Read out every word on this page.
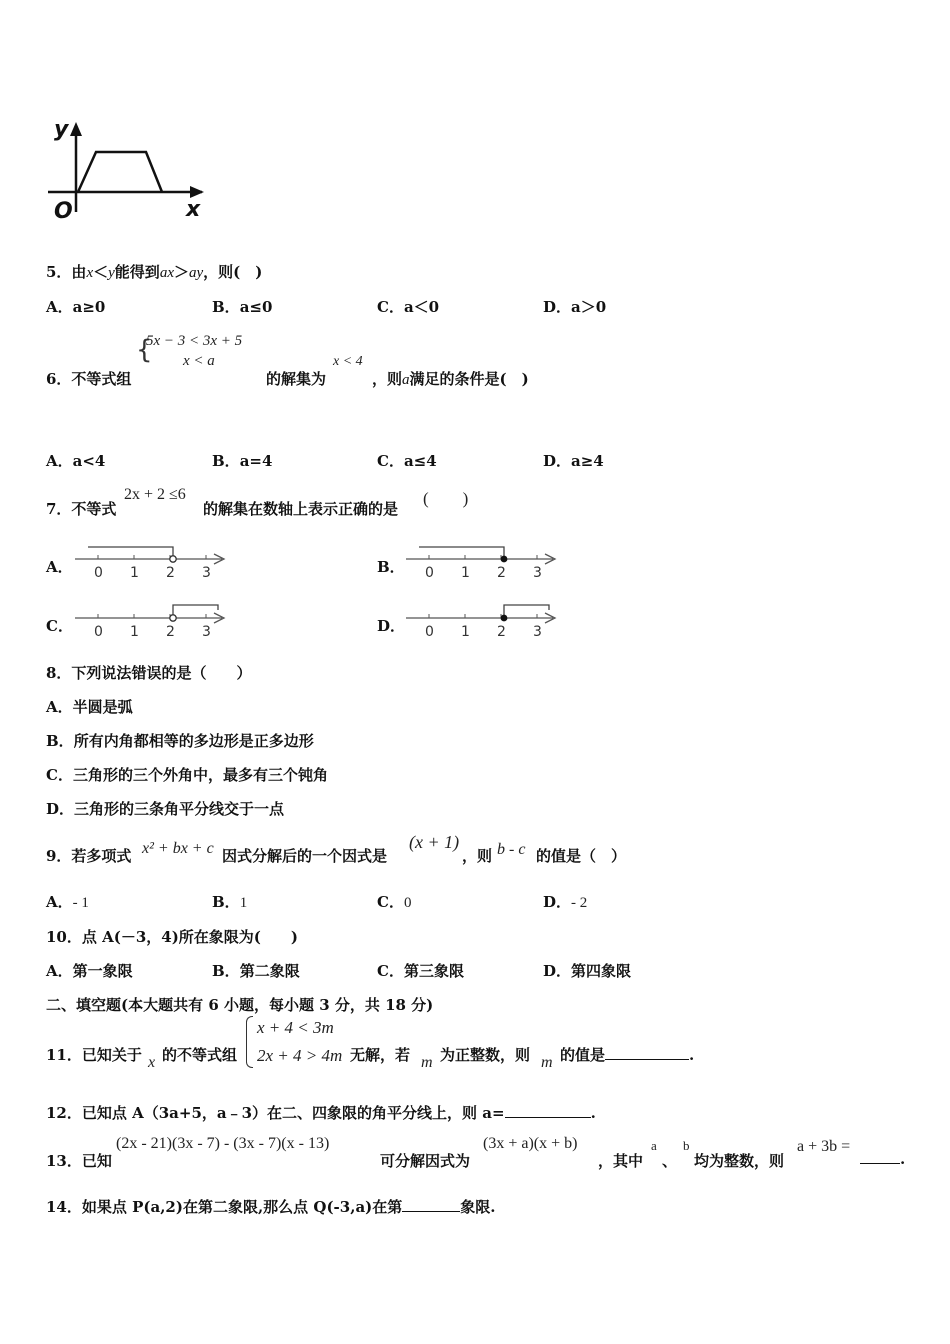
y
O	x
5．由x＜y能得到ax＞ay，则(　)
A．a≥0	B．a≤0	C．a＜0	D．a＞0
{
5x − 3 < 3x + 5
x < a	x < 4
6．不等式组	的解集为	，则a满足的条件是(　)
A．a<4	B．a=4	C．a≤4	D．a≥4
2x + 2 ≤6	(　　)
7．不等式	的解集在数轴上表示正确的是
A．	B．
C．	D．
0 1 2 3	0 1 2 3
0 1 2 3	0 1 2 3
8．下列说法错误的是（　　）
A．半圆是弧
B．所有内角都相等的多边形是正多边形
C．三角形的三个外角中，最多有三个钝角
D．三角形的三条角平分线交于一点
9．若多项式 x² + bx + c 因式分解后的一个因式是
(x + 1)
，则 b - c 的值是（　）
A．- 1	B．1	C．0	D．- 2
10．点 A(－3，4)所在象限为(　　)
A．第一象限	B．第二象限	C．第三象限	D．第四象限
二、填空题(本大题共有 6 小题，每小题 3 分，共 18 分)
x + 4 < 3m
2x + 4 > 4m
11．已知关于 x 的不等式组	无解，若 m 为正整数，则 m 的值是	.
12．已知点 A（3a+5，a﹣3）在二、四象限的角平分线上，则 a=	.
(2x - 21)(3x - 7) - (3x - 7)(x - 13)	(3x + a)(x + b)	a b	a + 3b =
13．已知	可分解因式为	，其中 、 均为整数，则	.
14．如果点 P(a,2)在第二象限,那么点 Q(-3,a)在第	象限.
